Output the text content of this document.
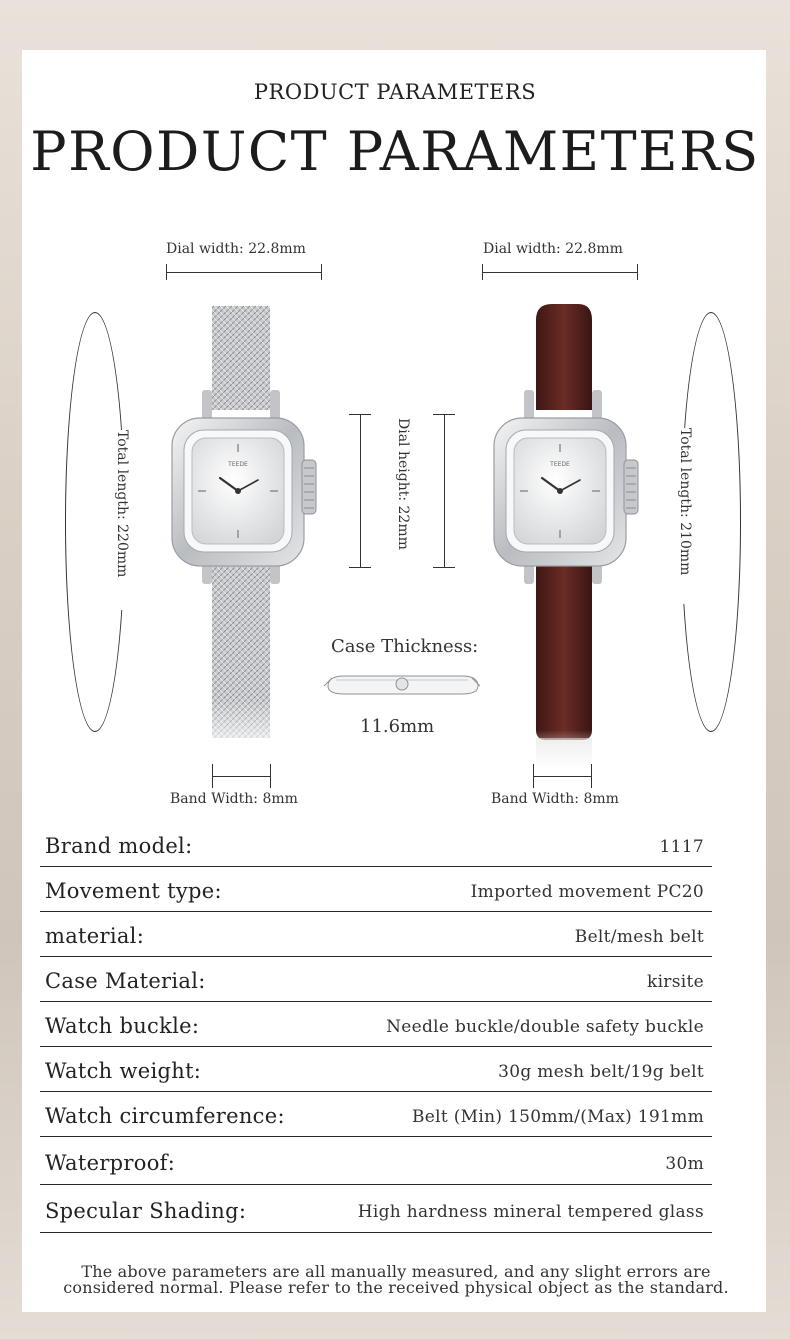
PRODUCT PARAMETERS
PRODUCT PARAMETERS
Dial width: 22.8mm	Dial width: 22.8mm
Total length: 220mm	Total length: 210mm
Dial height: 22mm
TEEDE	TEEDE
Case Thickness:
11.6mm
Band Width: 8mm	Band Width: 8mm
Brand model:	1117
Movement type:	Imported movement PC20
material:	Belt/mesh belt
Case Material:	kirsite
Watch buckle:	Needle buckle/double safety buckle
Watch weight:	30g mesh belt/19g belt
Watch circumference:	Belt (Min) 150mm/(Max) 191mm
Waterproof:	30m
Specular Shading:	High hardness mineral tempered glass
The above parameters are all manually measured, and any slight errors are
considered normal. Please refer to the received physical object as the standard.
